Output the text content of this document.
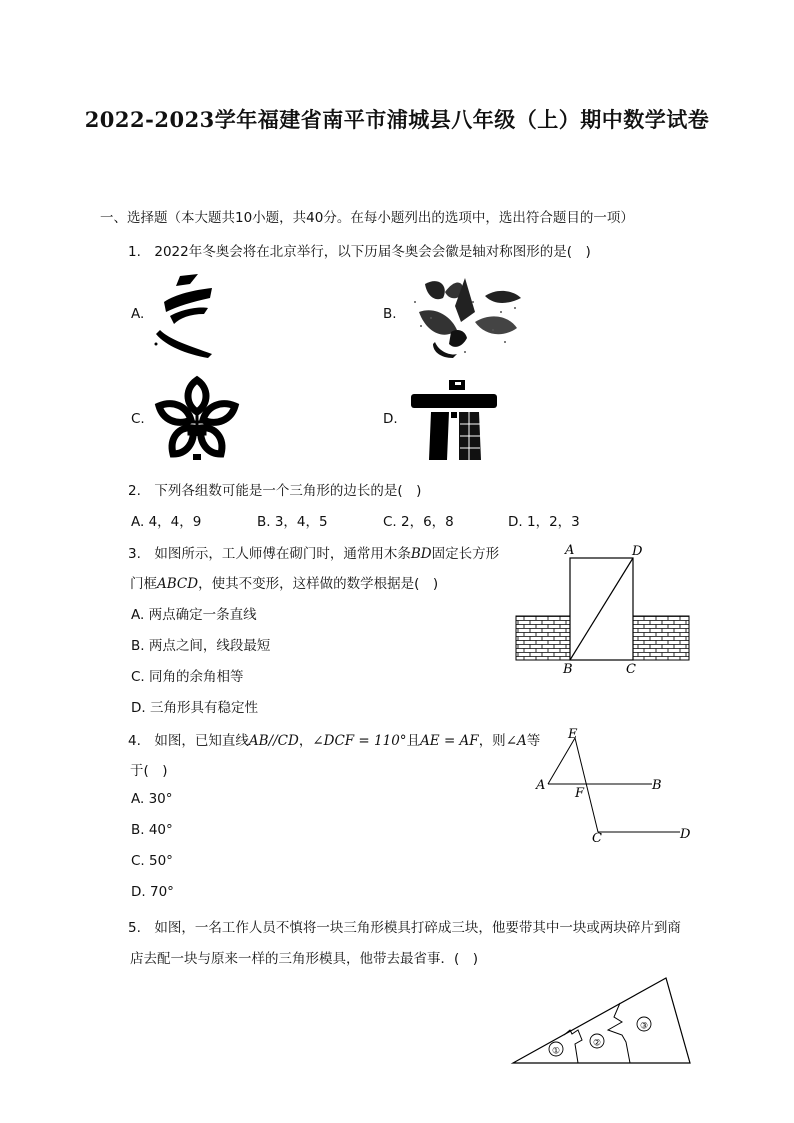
2022-2023学年福建省南平市浦城县八年级（上）期中数学试卷
一、选择题（本大题共10小题，共40分。在每小题列出的选项中，选出符合题目的一项）
1.　2022年冬奥会将在北京举行，以下历届冬奥会会徽是轴对称图形的是(　)
A.	B.
C.	D.
2.　下列各组数可能是一个三角形的边长的是(　)
A. 4，4，9	B. 3，4，5	C. 2，6，8	D. 1，2，3
3.　如图所示，工人师傅在砌门时，通常用木条BD固定长方形
门框ABCD，使其不变形，这样做的数学根据是(　)
A. 两点确定一条直线
B. 两点之间，线段最短
C. 同角的余角相等
D. 三角形具有稳定性
A	D
B	C
4.　如图，已知直线AB//CD，∠DCF = 110°且AE = AF，则∠A等
于(　)
A. 30°
B. 40°
C. 50°
D. 70°
E
A
F
B
C	D
5.　如图，一名工作人员不慎将一块三角形模具打碎成三块，他要带其中一块或两块碎片到商
店去配一块与原来一样的三角形模具，他带去最省事．(　)
①
②
③
